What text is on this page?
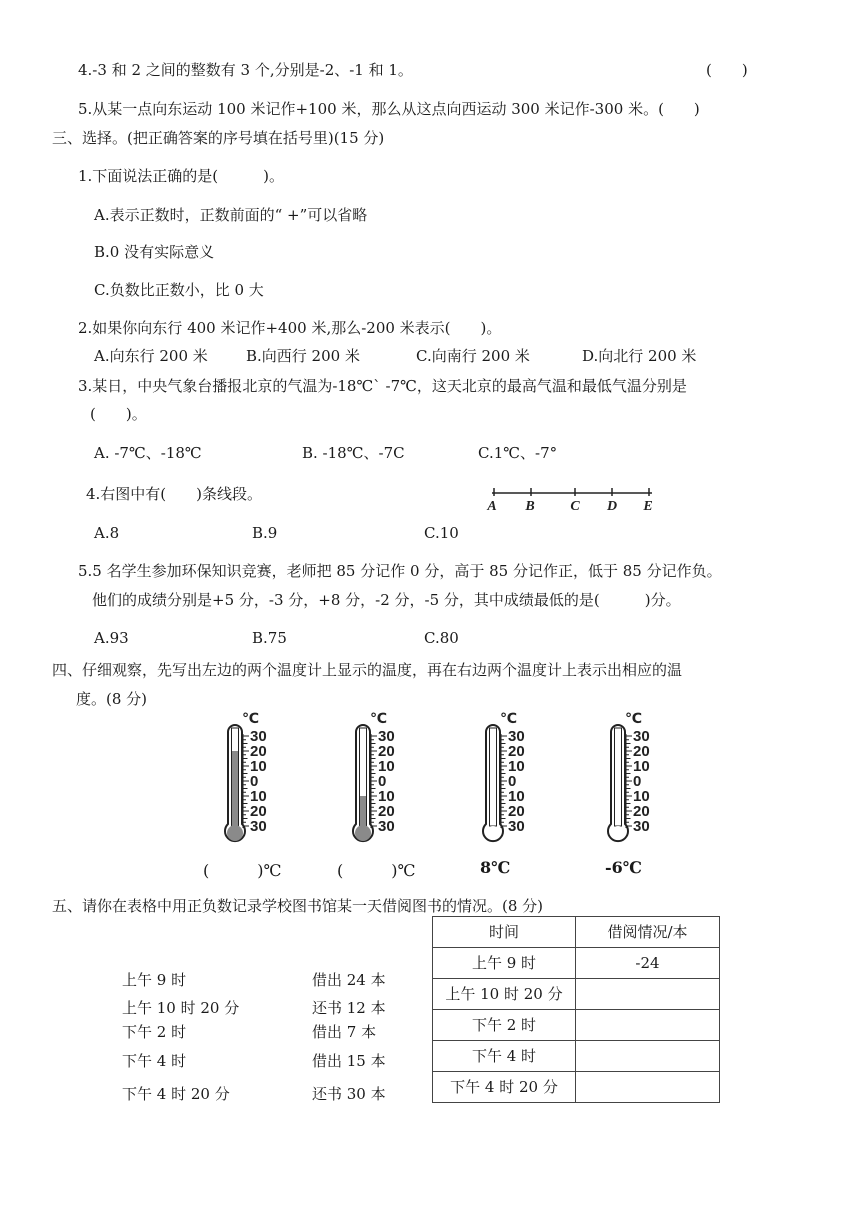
4.-3 和 2 之间的整数有 3 个,分别是-2、-1 和 1。	(　　)
5.从某一点向东运动 100 米记作+100 米，那么从这点向西运动 300 米记作-300 米。(　　)
三、选择。(把正确答案的序号填在括号里)(15 分)
1.下面说法正确的是(　　　)。
A.表示正数时，正数前面的“ +”可以省略
B.0 没有实际意义
C.负数比正数小，比 0 大
2.如果你向东行 400 米记作+400 米,那么-200 米表示(　　)。
A.向东行 200 米	B.向西行 200 米	C.向南行 200 米	D.向北行 200 米
3.某日，中央气象台播报北京的气温为-18℃ˋ -7℃，这天北京的最高气温和最低气温分别是
(　　)。
A. -7℃、-18℃	B. -18℃、-7C	C.1℃、-7°
4.右图中有(　　)条线段。
A B	C D E
A.8	B.9	C.10
5.5 名学生参加环保知识竞赛，老师把 85 分记作 0 分，高于 85 分记作正，低于 85 分记作负。
他们的成绩分别是+5 分，-3 分，+8 分，-2 分，-5 分，其中成绩最低的是(　　　)分。
A.93	B.75	C.80
四、仔细观察，先写出左边的两个温度计上显示的温度，再在右边两个温度计上表示出相应的温
度。(8 分)
30
20
10
0
10
20
30
℃
30
20
10
0
10
20
30
℃
30
20
10
0
10
20
30
℃
30
20
10
0
10
20
30
℃
(　　　)℃	(　　　)℃	8℃	-6℃
五、请你在表格中用正负数记录学校图书馆某一天借阅图书的情况。(8 分)
上午 9 时	借出 24 本
上午 10 时 20 分	还书 12 本
下午 2 时	借出 7 本
下午 4 时	借出 15 本
下午 4 时 20 分	还书 30 本
时间	借阅情况/本
上午 9 时	-24
上午 10 时 20 分	
下午 2 时	
下午 4 时	
下午 4 时 20 分	
